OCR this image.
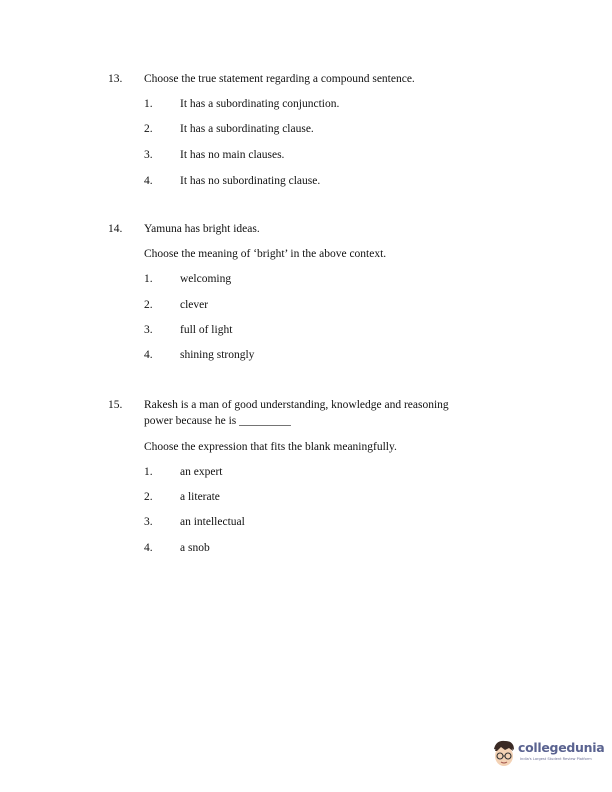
13. Choose the true statement regarding a compound sentence.
1. It has a subordinating conjunction.
2. It has a subordinating clause.
3. It has no main clauses.
4. It has no subordinating clause.
14. Yamuna has bright ideas.
Choose the meaning of ‘bright’ in the above context.
1. welcoming
2. clever
3. full of light
4. shining strongly
15. Rakesh is a man of good understanding, knowledge and reasoning
power because he is _________
Choose the expression that fits the blank meaningfully.
1. an expert
2. a literate
3. an intellectual
4. a snob
collegedunia
India's Largest Student Review Platform
